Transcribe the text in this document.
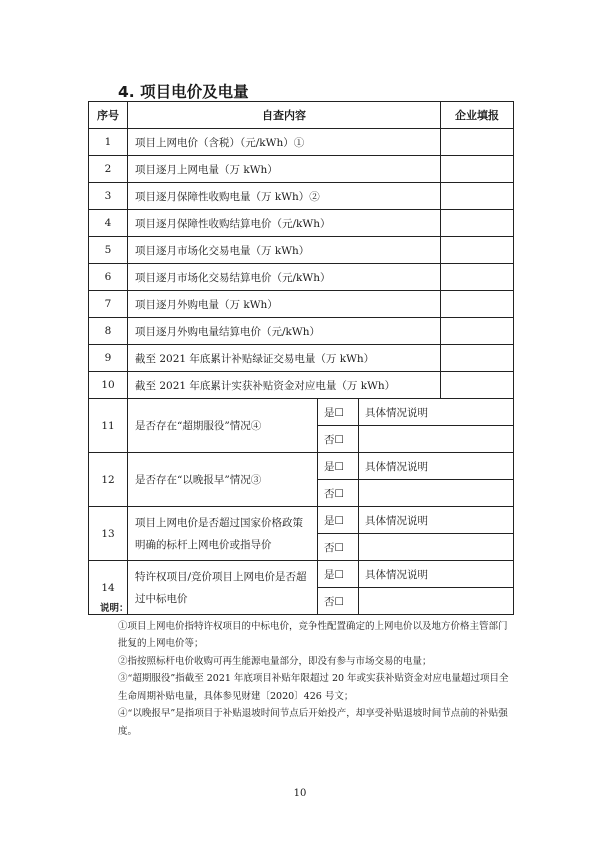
4. 项目电价及电量
序号	自查内容			企业填报
1	项目上网电价（含税）（元/kWh）①			
2	项目逐月上网电量（万 kWh）			
3	项目逐月保障性收购电量（万 kWh）②			
4	项目逐月保障性收购结算电价（元/kWh）			
5	项目逐月市场化交易电量（万 kWh）			
6	项目逐月市场化交易结算电价（元/kWh）			
7	项目逐月外购电量（万 kWh）			
8	项目逐月外购电量结算电价（元/kWh）			
9	截至 2021 年底累计补贴绿证交易电量（万 kWh）			
10	截至 2021 年底累计实获补贴资金对应电量（万 kWh）			
11	是否存在“超期服役”情况④	是☐	具体情况说明	
		否☐		
12	是否存在“以晚报早”情况③	是☐	具体情况说明	
		否☐		
13	项目上网电价是否超过国家价格政策明确的标杆上网电价或指导价	是☐	具体情况说明	
		否☐		
14	特许权项目/竞价项目上网电价是否超过中标电价	是☐	具体情况说明	
		否☐		
说明：
①项目上网电价指特许权项目的中标电价，竞争性配置确定的上网电价以及地方价格主管部门批复的上网电价等；
②指按照标杆电价收购可再生能源电量部分，即没有参与市场交易的电量；
③“超期服役”指截至 2021 年底项目补贴年限超过 20 年或实获补贴资金对应电量超过项目全生命周期补贴电量，具体参见财建〔2020〕426 号文；
④“以晚报早”是指项目于补贴退坡时间节点后开始投产，却享受补贴退坡时间节点前的补贴强度。
10
